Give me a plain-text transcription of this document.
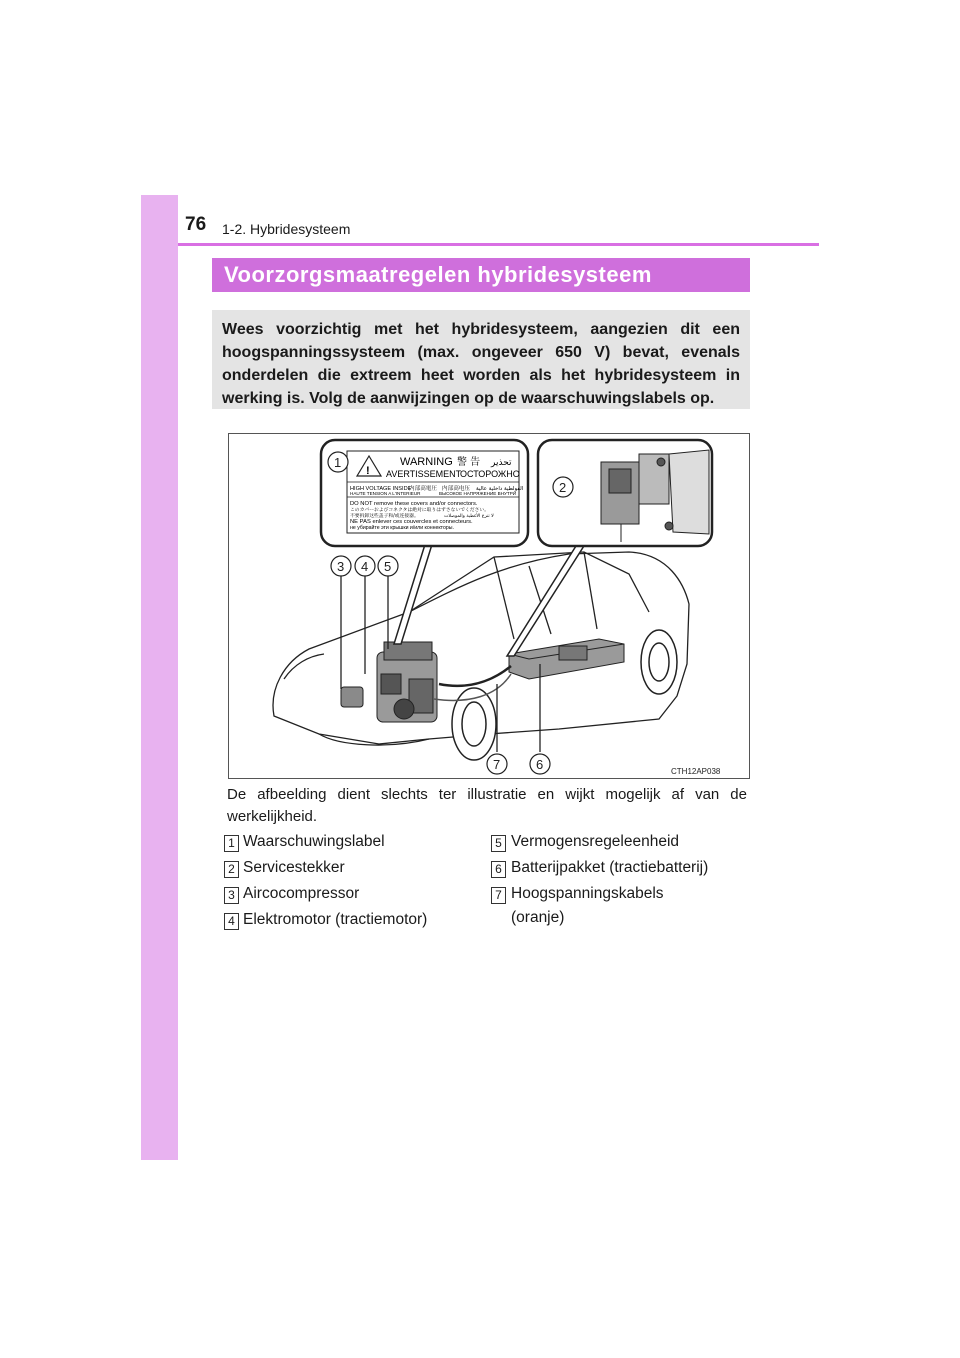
76 1-2. Hybridesysteem
Voorzorgsmaatregelen hybridesysteem
Wees voorzichtig met het hybridesysteem, aangezien dit een
hoogspanningssysteem (max. ongeveer 650 V) bevat, evenals
onderdelen die extreem heet worden als het hybridesysteem in
werking is. Volg de aanwijzingen op de waarschuwingslabels op.
!
WARNING 警 告 تحذير
AVERTISSEMENT
ОСТОРОЖНО
HIGH VOLTAGE INSIDE
内部高電圧 内部高电压 الفولطية داخلية عالية
HAUTE TENSION A L'INTERIEUR	ВЫСОКОЕ НАПРЯЖЕНИЕ ВНУТРИ
DO NOT remove these covers and/or connectors.
このカバーおよびコネクタは絶対に取りはずさないでください。
不要拆卸这些盖子和/或连接器。	لا تنزع الأغطية والموصلات
NE PAS enlever ces couvercles et connecteurs.
не убирайте эти крышки и/или коннекторы.
1
2
3 4 5
6
7	CTH12AP038
De afbeelding dient slechts ter illustratie en wijkt mogelijk af van de
werkelijkheid.
1 Waarschuwingslabel
2 Servicestekker
3 Aircocompressor
4 Elektromotor (tractiemotor)
5 Vermogensregeleenheid
6 Batterijpakket (tractiebatterij)
7 Hoogspanningskabels
(oranje)
